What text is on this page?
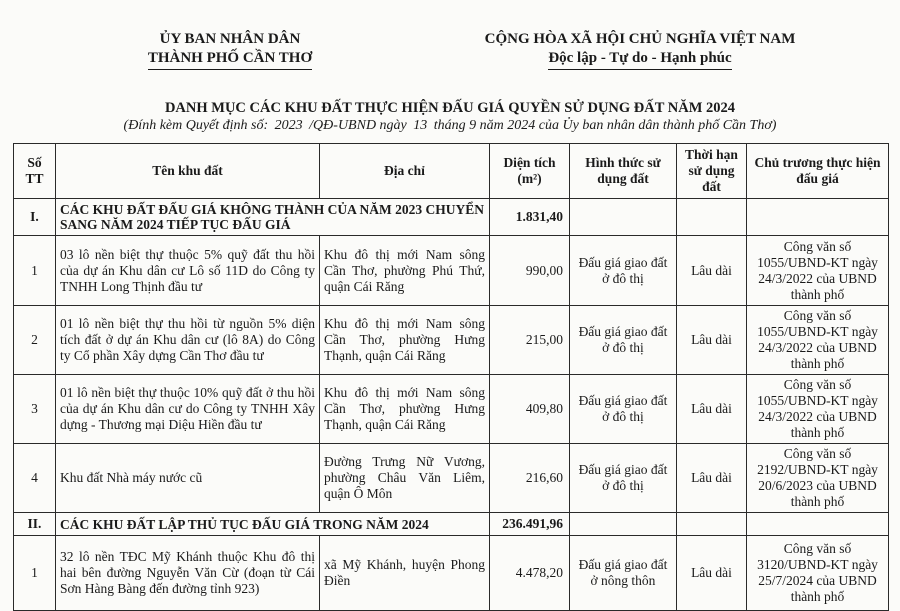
ỦY BAN NHÂN DÂN
THÀNH PHỐ CẦN THƠ
CỘNG HÒA XÃ HỘI CHỦ NGHĨA VIỆT NAM
Độc lập - Tự do - Hạnh phúc
DANH MỤC CÁC KHU ĐẤT THỰC HIỆN ĐẤU GIÁ QUYỀN SỬ DỤNG ĐẤT NĂM 2024
(Đính kèm Quyết định số: 2023 /QĐ-UBND ngày 13 tháng 9 năm 2024 của Ủy ban nhân dân thành phố Cần Thơ)
Số TT	Tên khu đất	Địa chỉ	Diện tích (m²)	Hình thức sử dụng đất	Thời hạn sử dụng đất	Chủ trương thực hiện đấu giá
I.	CÁC KHU ĐẤT ĐẤU GIÁ KHÔNG THÀNH CỦA NĂM 2023 CHUYỂN SANG NĂM 2024 TIẾP TỤC ĐẤU GIÁ		1.831,40			
1	03 lô nền biệt thự thuộc 5% quỹ đất thu hồi của dự án Khu dân cư Lô số 11D do Công ty TNHH Long Thịnh đầu tư	Khu đô thị mới Nam sông Cần Thơ, phường Phú Thứ, quận Cái Răng	990,00	Đấu giá giao đất ở đô thị	Lâu dài	Công văn số 1055/UBND-KT ngày 24/3/2022 của UBND thành phố
2	01 lô nền biệt thự thu hồi từ nguồn 5% diện tích đất ở dự án Khu dân cư (lô 8A) do Công ty Cổ phần Xây dựng Cần Thơ đầu tư	Khu đô thị mới Nam sông Cần Thơ, phường Hưng Thạnh, quận Cái Răng	215,00	Đấu giá giao đất ở đô thị	Lâu dài	Công văn số 1055/UBND-KT ngày 24/3/2022 của UBND thành phố
3	01 lô nền biệt thự thuộc 10% quỹ đất ở thu hồi của dự án Khu dân cư do Công ty TNHH Xây dựng - Thương mại Diệu Hiền đầu tư	Khu đô thị mới Nam sông Cần Thơ, phường Hưng Thạnh, quận Cái Răng	409,80	Đấu giá giao đất ở đô thị	Lâu dài	Công văn số 1055/UBND-KT ngày 24/3/2022 của UBND thành phố
4	Khu đất Nhà máy nước cũ	Đường Trưng Nữ Vương, phường Châu Văn Liêm, quận Ô Môn	216,60	Đấu giá giao đất ở đô thị	Lâu dài	Công văn số 2192/UBND-KT ngày 20/6/2023 của UBND thành phố
II.	CÁC KHU ĐẤT LẬP THỦ TỤC ĐẤU GIÁ TRONG NĂM 2024		236.491,96			
1	32 lô nền TĐC Mỹ Khánh thuộc Khu đô thị hai bên đường Nguyễn Văn Cừ (đoạn từ Cái Sơn Hàng Bàng đến đường tỉnh 923)	xã Mỹ Khánh, huyện Phong Điền	4.478,20	Đấu giá giao đất ở nông thôn	Lâu dài	Công văn số 3120/UBND-KT ngày 25/7/2024 của UBND thành phố
